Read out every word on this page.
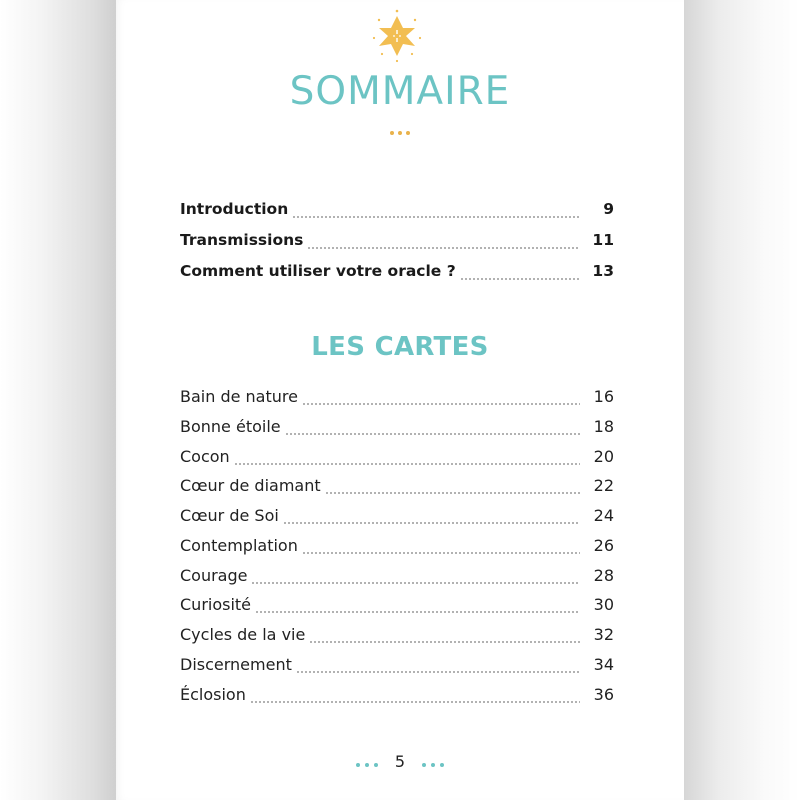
SOMMAIRE
Introduction	9
Transmissions	11
Comment utiliser votre oracle ?	13
LES CARTES
Bain de nature	16
Bonne étoile	18
Cocon	20
Cœur de diamant	22
Cœur de Soi	24
Contemplation	26
Courage	28
Curiosité	30
Cycles de la vie	32
Discernement	34
Éclosion	36
5
